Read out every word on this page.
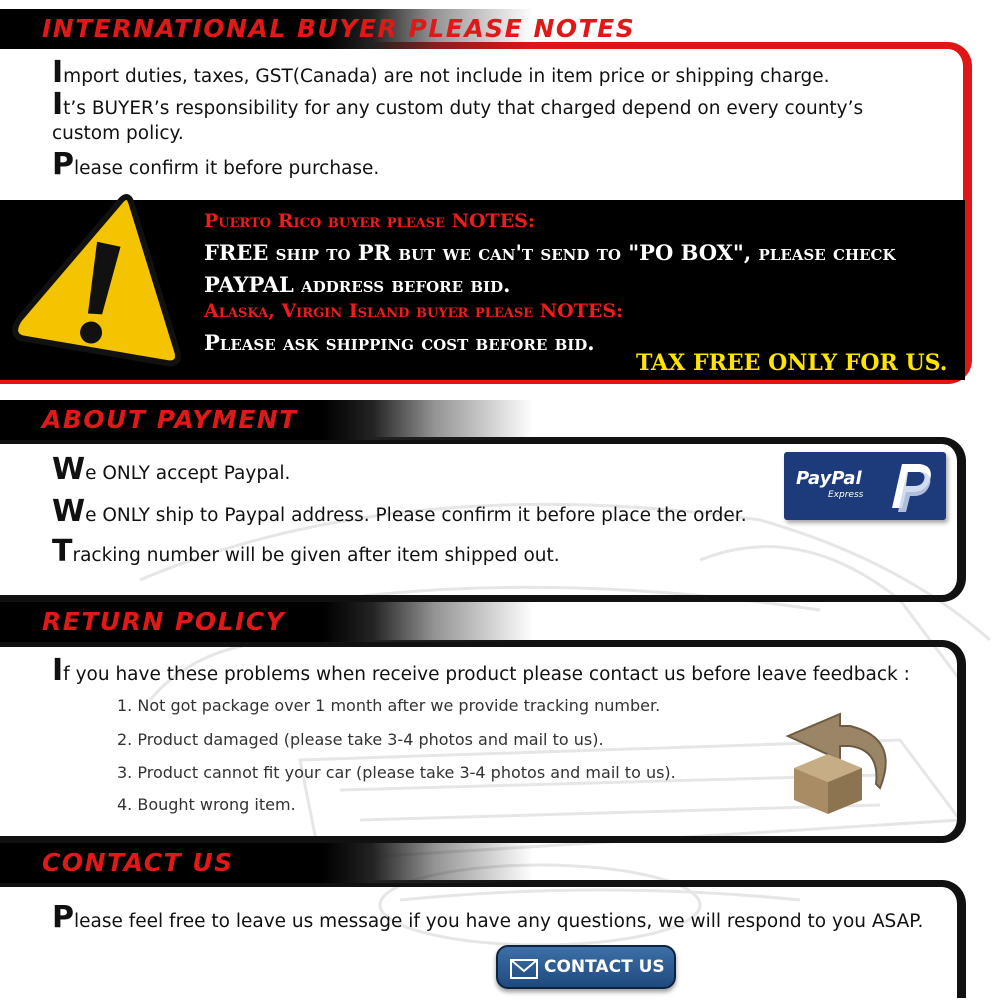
INTERNATIONAL BUYER PLEASE NOTES
Import duties, taxes, GST(Canada) are not include in item price or shipping charge.
It’s BUYER’s responsibility for any custom duty that charged depend on every county’s custom policy.
Please confirm it before purchase.
Puerto Rico buyer please NOTES:
FREE ship to PR but we can't send to "PO BOX", please check
PAYPAL address before bid.
Alaska, Virgin Island buyer please NOTES:
Please ask shipping cost before bid.
TAX FREE ONLY FOR US.
ABOUT PAYMENT
We ONLY accept Paypal.
We ONLY ship to Paypal address. Please confirm it before place the order.
Tracking number will be given after item shipped out.
PayPal
Express
RETURN POLICY
If you have these problems when receive product please contact us before leave feedback :
1. Not got package over 1 month after we provide tracking number.
2. Product damaged (please take 3-4 photos and mail to us).
3. Product cannot fit your car (please take 3-4 photos and mail to us).
4. Bought wrong item.
CONTACT US
Please feel free to leave us message if you have any questions, we will respond to you ASAP.
CONTACT US
